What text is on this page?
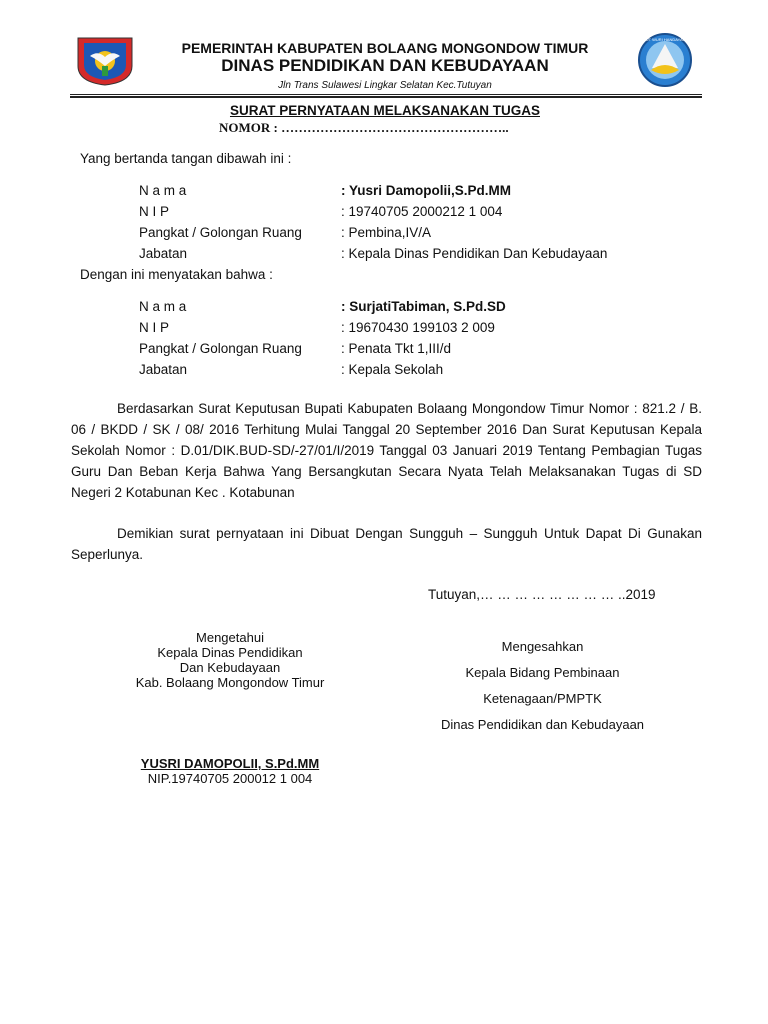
TUT WURI HANDAYANI
PEMERINTAH KABUPATEN BOLAANG MONGONDOW TIMUR
DINAS PENDIDIKAN DAN KEBUDAYAAN
Jln Trans Sulawesi Lingkar Selatan Kec.Tutuyan
SURAT PERNYATAAN MELAKSANAKAN TUGAS
NOMOR : ……………………………………………..
Yang bertanda tangan dibawah ini :
N a m a	: Yusri Damopolii,S.Pd.MM
N I P	: 19740705 2000212 1 004
Pangkat / Golongan Ruang	: Pembina,IV/A
Jabatan	: Kepala Dinas Pendidikan Dan Kebudayaan
Dengan ini menyatakan bahwa :
N a m a	: SurjatiTabiman, S.Pd.SD
N I P	: 19670430 199103 2 009
Pangkat / Golongan Ruang	: Penata Tkt 1,III/d
Jabatan	: Kepala Sekolah

Berdasarkan Surat Keputusan Bupati Kabupaten Bolaang Mongondow Timur Nomor : 821.2 / B. 06 / BKDD / SK / 08/ 2016 Terhitung Mulai Tanggal 20 September 2016 Dan Surat Keputusan Kepala Sekolah Nomor : D.01/DIK.BUD-SD/-27/01/I/2019 Tanggal 03 Januari 2019 Tentang Pembagian Tugas Guru Dan Beban Kerja Bahwa Yang Bersangkutan Secara Nyata Telah Melaksanakan Tugas di SD Negeri 2 Kotabunan Kec . Kotabunan

Demikian surat pernyataan ini Dibuat Dengan Sungguh – Sungguh Untuk Dapat Di Gunakan Seperlunya.

Tutuyan,… … … … … … … … ..2019
Mengetahui
Kepala Dinas Pendidikan
Dan Kebudayaan
Kab. Bolaang Mongondow Timur
YUSRI DAMOPOLII, S.Pd.MM
NIP.19740705 200012 1 004
Mengesahkan
Kepala Bidang Pembinaan
Ketenagaan/PMPTK
Dinas Pendidikan dan Kebudayaan
